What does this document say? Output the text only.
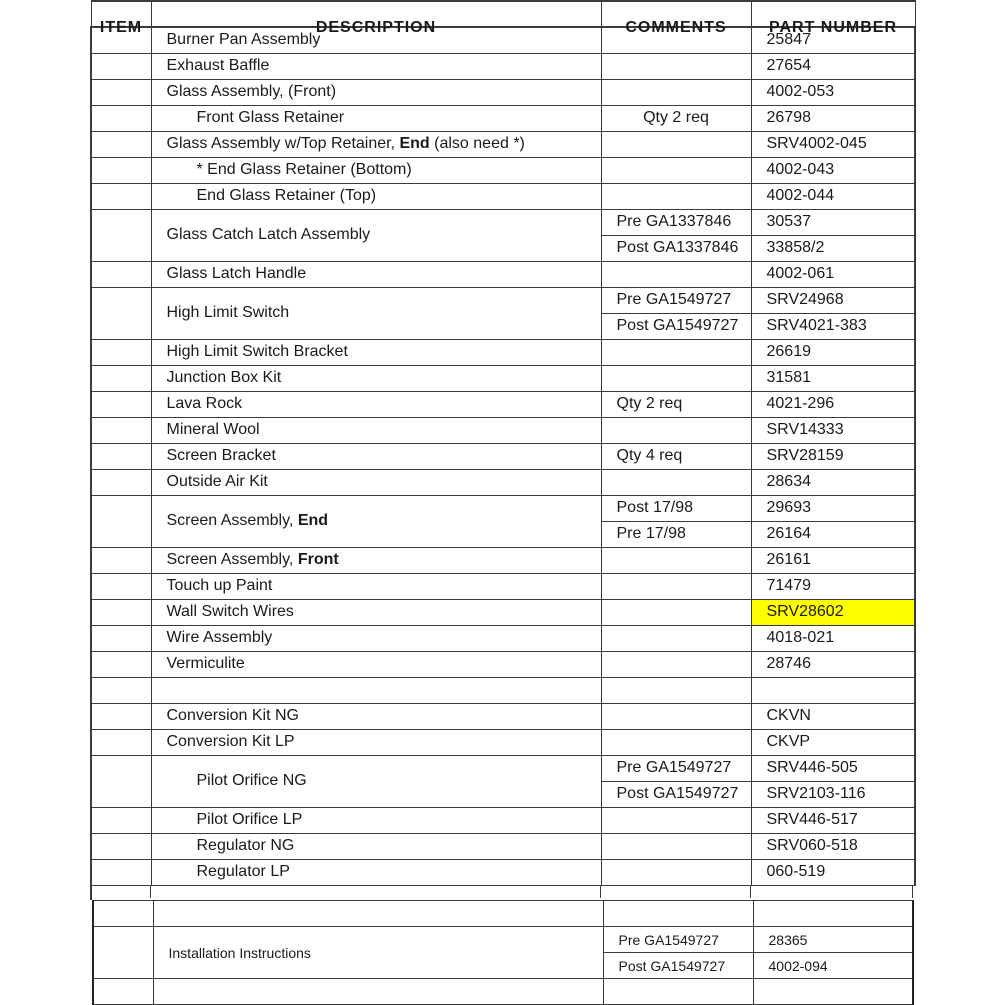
ITEM	DESCRIPTION	COMMENTS	PART NUMBER
	Burner Pan Assembly		25847
	Exhaust Baffle		27654
	Glass Assembly, (Front)		4002-053
	Front Glass Retainer	Qty 2 req	26798
	Glass Assembly w/Top Retainer, End (also need *)		SRV4002-045
	* End Glass Retainer (Bottom)		4002-043
	End Glass Retainer (Top)		4002-044
	Glass Catch Latch Assembly	Pre GA1337846	30537
		Post GA1337846	33858/2
	Glass Latch Handle		4002-061
	High Limit Switch	Pre GA1549727	SRV24968
		Post GA1549727	SRV4021-383
	High Limit Switch Bracket		26619
	Junction Box Kit		31581
	Lava Rock	Qty 2 req	4021-296
	Mineral Wool		SRV14333
	Screen Bracket	Qty 4 req	SRV28159
	Outside Air Kit		28634
	Screen Assembly, End	Post 17/98	29693
		Pre 17/98	26164
	Screen Assembly, Front		26161
	Touch up Paint		71479
	Wall Switch Wires		SRV28602
	Wire Assembly		4018-021
	Vermiculite		28746

	Conversion Kit NG		CKVN
	Conversion Kit LP		CKVP
	Pilot Orifice NG	Pre GA1549727	SRV446-505
		Post GA1549727	SRV2103-116
	Pilot Orifice LP		SRV446-517
	Regulator NG		SRV060-518
	Regulator LP		060-519

	Installation Instructions	Pre GA1549727	28365
		Post GA1549727	4002-094
